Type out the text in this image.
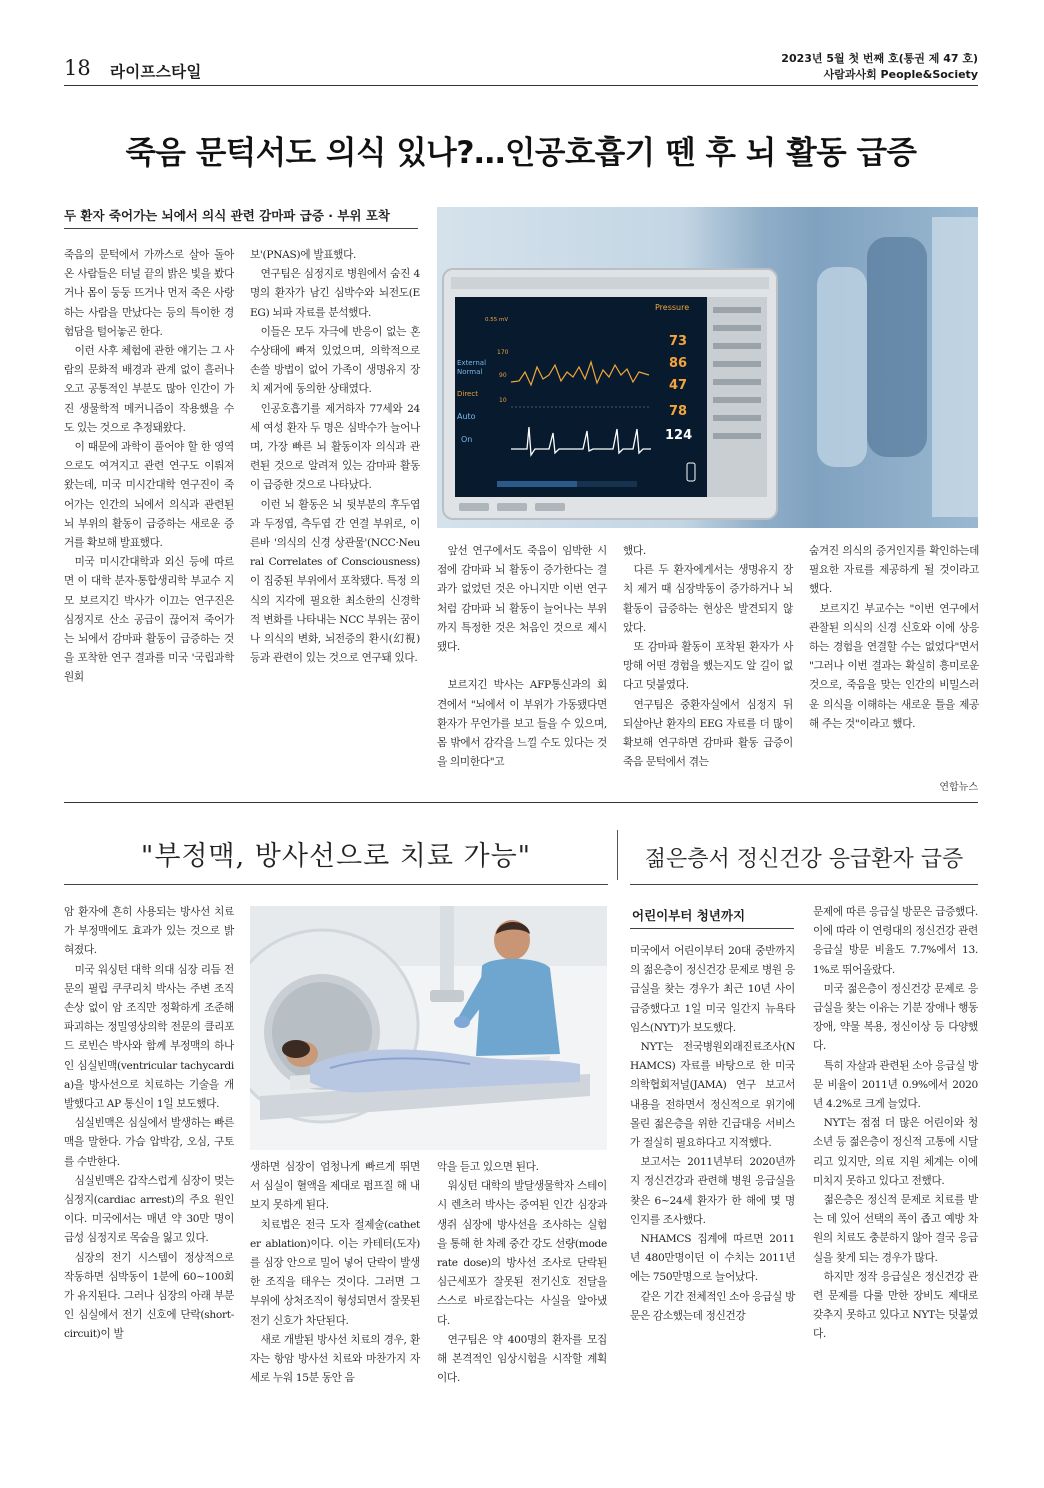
18 라이프스타일
2023년 5월 첫 번째 호(통권 제 47 호)
사람과사회 People&Society
죽음 문턱서도 의식 있나?…인공호흡기 뗀 후 뇌 활동 급증
두 환자 죽어가는 뇌에서 의식 관련 감마파 급증 · 부위 포착

죽음의 문턱에서 가까스로 살아 돌아온 사람들은 터널 끝의 밝은 빛을 봤다거나 몸이 둥둥 뜨거나 먼저 죽은 사랑하는 사람을 만났다는 등의 특이한 경험담을 털어놓곤 한다.

이런 사후 체험에 관한 얘기는 그 사람의 문화적 배경과 관계 없이 흘러나오고 공통적인 부분도 많아 인간이 가진 생물학적 메커니즘이 작용했을 수도 있는 것으로 추정돼왔다.

이 때문에 과학이 풀어야 할 한 영역으로도 여겨지고 관련 연구도 이뤄져 왔는데, 미국 미시간대학 연구진이 죽어가는 인간의 뇌에서 의식과 관련된 뇌 부위의 활동이 급증하는 새로운 증거를 확보해 발표했다.

미국 미시간대학과 외신 등에 따르면 이 대학 분자·통합생리학 부교수 지모 보르지긴 박사가 이끄는 연구진은 심정지로 산소 공급이 끊어져 죽어가는 뇌에서 감마파 활동이 급증하는 것을 포착한 연구 결과를 미국 '국립과학원회

보'(PNAS)에 발표했다.

연구팀은 심정지로 병원에서 숨진 4명의 환자가 남긴 심박수와 뇌전도(EEG) 뇌파 자료를 분석했다.

이들은 모두 자극에 반응이 없는 혼수상태에 빠져 있었으며, 의학적으로 손쓸 방법이 없어 가족이 생명유지 장치 제거에 동의한 상태였다.

인공호흡기를 제거하자 77세와 24세 여성 환자 두 명은 심박수가 늘어나며, 가장 빠른 뇌 활동이자 의식과 관련된 것으로 알려져 있는 감마파 활동이 급증한 것으로 나타났다.

이런 뇌 활동은 뇌 뒷부분의 후두엽과 두정엽, 측두엽 간 연결 부위로, 이른바 '의식의 신경 상관물'(NCC·Neural Correlates of Consciousness)이 집중된 부위에서 포착됐다. 특정 의식의 지각에 필요한 최소한의 신경학적 변화를 나타내는 NCC 부위는 꿈이나 의식의 변화, 뇌전증의 환시(幻視) 등과 관련이 있는 것으로 연구돼 있다.

Pressure
0.55 mV
170
90
10
External
Normal
Direct
Auto
On
73
86
47
78
124

앞선 연구에서도 죽음이 임박한 시점에 감마파 뇌 활동이 증가한다는 결과가 없었던 것은 아니지만 이번 연구처럼 감마파 뇌 활동이 늘어나는 부위까지 특정한 것은 처음인 것으로 제시됐다.

보르지긴 박사는 AFP통신과의 회견에서 "뇌에서 이 부위가 가동됐다면 환자가 무언가를 보고 들을 수 있으며, 몸 밖에서 감각을 느낄 수도 있다는 것을 의미한다"고

했다.

다른 두 환자에게서는 생명유지 장치 제거 때 심장박동이 증가하거나 뇌 활동이 급증하는 현상은 발견되지 않았다.

또 감마파 활동이 포착된 환자가 사망해 어떤 경험을 했는지도 알 길이 없다고 덧붙였다.

연구팀은 중환자실에서 심정지 뒤 되살아난 환자의 EEG 자료를 더 많이 확보해 연구하면 감마파 활동 급증이 죽음 문턱에서 겪는

숨겨진 의식의 증거인지를 확인하는데 필요한 자료를 제공하게 될 것이라고 했다.

보르지긴 부교수는 "이번 연구에서 관찰된 의식의 신경 신호와 이에 상응하는 경험을 연결할 수는 없었다"면서 "그러나 이번 결과는 확실히 흥미로운 것으로, 죽음을 맞는 인간의 비밀스러운 의식을 이해하는 새로운 틀을 제공해 주는 것"이라고 했다.

연합뉴스
"부정맥, 방사선으로 치료 가능"

암 환자에 흔히 사용되는 방사선 치료가 부정맥에도 효과가 있는 것으로 밝혀졌다.

미국 워싱턴 대학 의대 심장 리듬 전문의 필립 쿠쿠리치 박사는 주변 조직 손상 없이 암 조직만 정확하게 조준해 파괴하는 정밀영상의학 전문의 클리포드 로빈슨 박사와 함께 부정맥의 하나인 심실빈맥(ventricular tachycardia)을 방사선으로 치료하는 기술을 개발했다고 AP 통신이 1일 보도했다.

심실빈맥은 심실에서 발생하는 빠른 맥을 말한다. 가슴 압박감, 오심, 구토를 수반한다.

심실빈맥은 갑작스럽게 심장이 멎는 심정지(cardiac arrest)의 주요 원인이다. 미국에서는 매년 약 30만 명이 급성 심정지로 목숨을 잃고 있다.

심장의 전기 시스템이 정상적으로 작동하면 심박동이 1분에 60~100회가 유지된다. 그러나 심장의 아래 부분인 심실에서 전기 신호에 단락(short-circuit)이 발

생하면 심장이 엄청나게 빠르게 뛰면서 심실이 혈액을 제대로 펌프질 해 내보지 못하게 된다.

치료법은 전극 도자 절제술(catheter ablation)이다. 이는 카테터(도자)를 심장 안으로 밀어 넣어 단락이 발생한 조직을 태우는 것이다. 그러면 그 부위에 상처조직이 형성되면서 잘못된 전기 신호가 차단된다.

새로 개발된 방사선 치료의 경우, 환자는 항암 방사선 치료와 마찬가지 자세로 누워 15분 동안 음

악을 듣고 있으면 된다.

워싱턴 대학의 발달생물학자 스테이시 렌츠러 박사는 증여된 인간 심장과 생쥐 심장에 방사선을 조사하는 실험을 통해 한 차례 중간 강도 선량(moderate dose)의 방사선 조사로 단락된 심근세포가 잘못된 전기신호 전달을 스스로 바로잡는다는 사실을 알아냈다.

연구팀은 약 400명의 환자를 모집해 본격적인 임상시험을 시작할 계획이다.

젊은층서 정신건강 응급환자 급증
어린이부터 청년까지

미국에서 어린이부터 20대 중반까지의 젊은층이 정신건강 문제로 병원 응급실을 찾는 경우가 최근 10년 사이 급증했다고 1일 미국 일간지 뉴욕타임스(NYT)가 보도했다.

NYT는 전국병원외래진료조사(NHAMCS) 자료를 바탕으로 한 미국의학협회저널(JAMA) 연구 보고서 내용을 전하면서 정신적으로 위기에 몰린 젊은층을 위한 긴급대응 서비스가 절실히 필요하다고 지적했다.

보고서는 2011년부터 2020년까지 정신건강과 관련해 병원 응급실을 찾은 6~24세 환자가 한 해에 몇 명인지를 조사했다.

NHAMCS 집계에 따르면 2011년 480만명이던 이 수치는 2011년에는 750만명으로 늘어났다.

같은 기간 전체적인 소아 응급실 방문은 감소했는데 정신건강

문제에 따른 응급실 방문은 급증했다. 이에 따라 이 연령대의 정신건강 관련 응급실 방문 비율도 7.7%에서 13.1%로 뛰어올랐다.

미국 젊은층이 정신건강 문제로 응급실을 찾는 이유는 기분 장애나 행동 장애, 약물 복용, 정신이상 등 다양했다.

특히 자살과 관련된 소아 응급실 방문 비율이 2011년 0.9%에서 2020년 4.2%로 크게 늘었다.

NYT는 점점 더 많은 어린이와 청소년 등 젊은층이 정신적 고통에 시달리고 있지만, 의료 지원 체계는 이에 미치지 못하고 있다고 전했다.

젊은층은 정신적 문제로 치료를 받는 데 있어 선택의 폭이 좁고 예방 차원의 치료도 충분하지 않아 결국 응급실을 찾게 되는 경우가 많다.

하지만 정작 응급실은 정신건강 관련 문제를 다룰 만한 장비도 제대로 갖추지 못하고 있다고 NYT는 덧붙였다.
